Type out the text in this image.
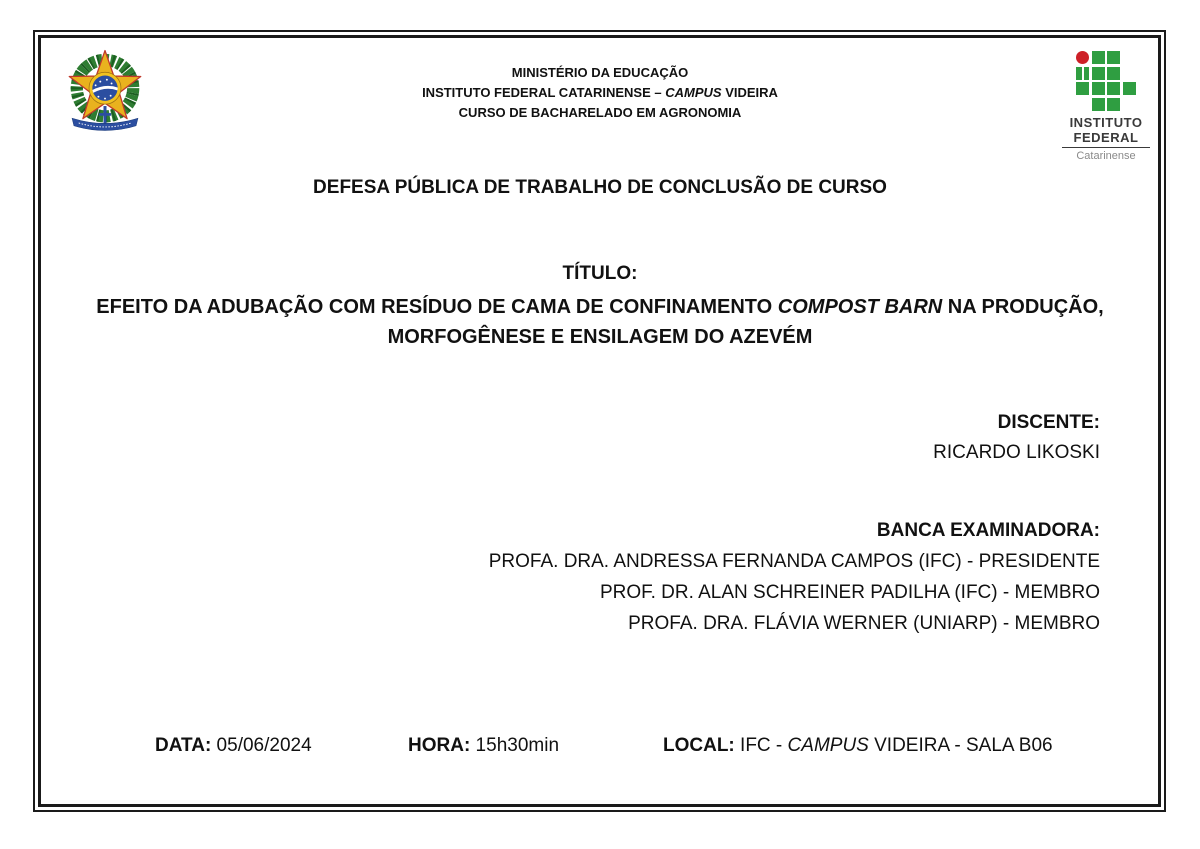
MINISTÉRIO DA EDUCAÇÃO
INSTITUTO FEDERAL CATARINENSE – CAMPUS VIDEIRA
CURSO DE BACHARELADO EM AGRONOMIA
INSTITUTO
FEDERAL
Catarinense
DEFESA PÚBLICA DE TRABALHO DE CONCLUSÃO DE CURSO
TÍTULO:
EFEITO DA ADUBAÇÃO COM RESÍDUO DE CAMA DE CONFINAMENTO COMPOST BARN NA PRODUÇÃO,
MORFOGÊNESE E ENSILAGEM DO AZEVÉM
DISCENTE:
RICARDO LIKOSKI
BANCA EXAMINADORA:
PROFA. DRA. ANDRESSA FERNANDA CAMPOS (IFC) - PRESIDENTE
PROF. DR. ALAN SCHREINER PADILHA (IFC) - MEMBRO
PROFA. DRA. FLÁVIA WERNER (UNIARP) - MEMBRO
DATA: 05/06/2024	HORA: 15h30min	LOCAL: IFC - CAMPUS VIDEIRA - SALA B06
